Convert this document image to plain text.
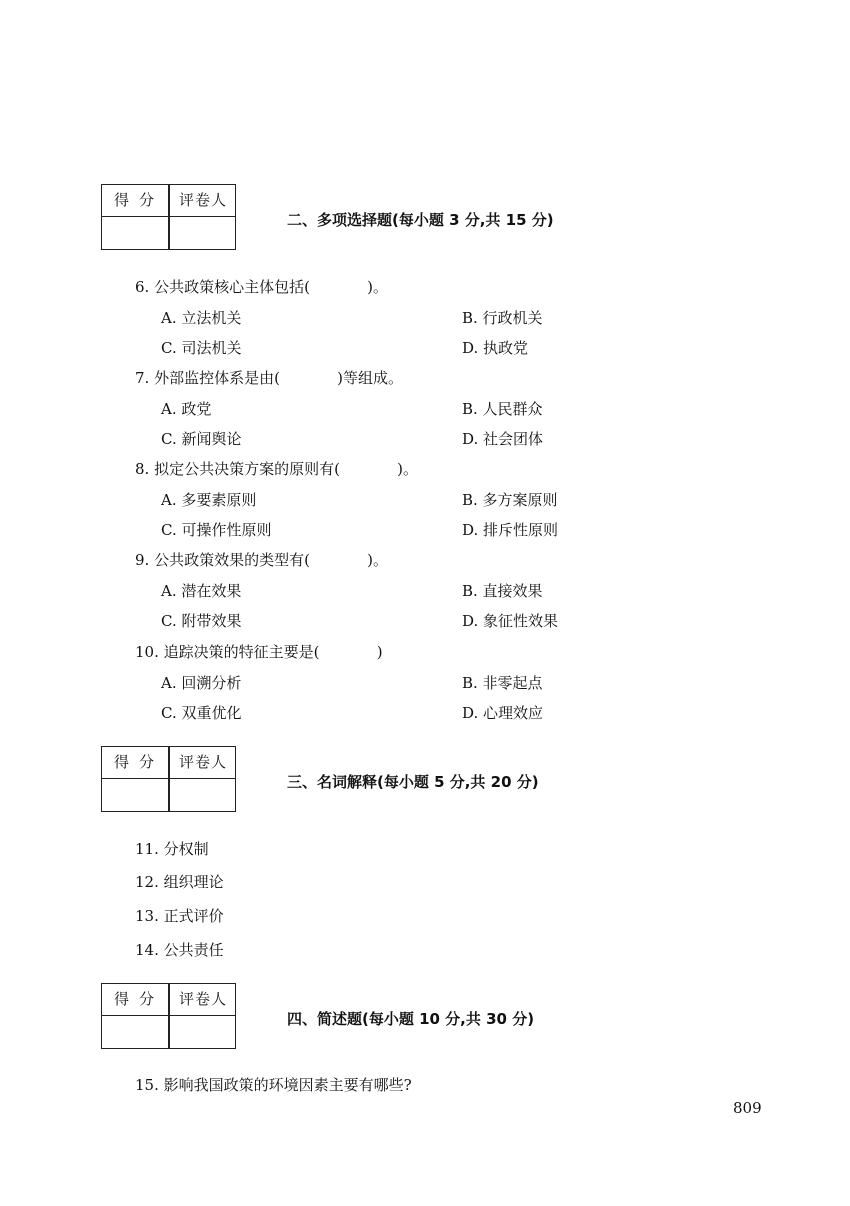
得分 评卷人
二、多项选择题(每小题 3 分,共 15 分)
6. 公共政策核心主体包括(            )。
A. 立法机关	B. 行政机关
C. 司法机关	D. 执政党
7. 外部监控体系是由(            )等组成。
A. 政党	B. 人民群众
C. 新闻舆论	D. 社会团体
8. 拟定公共决策方案的原则有(            )。
A. 多要素原则	B. 多方案原则
C. 可操作性原则	D. 排斥性原则
9. 公共政策效果的类型有(            )。
A. 潜在效果	B. 直接效果
C. 附带效果	D. 象征性效果
10. 追踪决策的特征主要是(            )
A. 回溯分析	B. 非零起点
C. 双重优化	D. 心理效应
得分 评卷人
三、名词解释(每小题 5 分,共 20 分)
11. 分权制
12. 组织理论
13. 正式评价
14. 公共责任
得分 评卷人
四、简述题(每小题 10 分,共 30 分)
15. 影响我国政策的环境因素主要有哪些?
809
